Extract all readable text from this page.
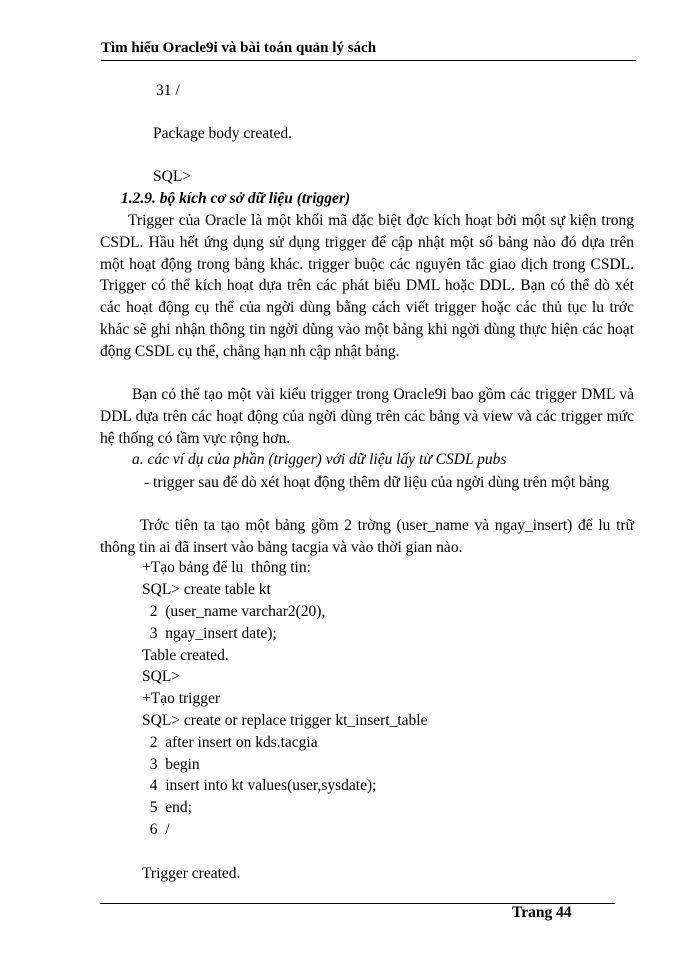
Tìm hiểu Oracle9i và bài toán quản lý sách
31 /
Package body created.
SQL>
1.2.9. bộ kích cơ sở dữ liệu (trigger)
Trigger của Oracle là một khối mã đặc biệt đợc kích hoạt bởi một sự kiện trong CSDL. Hầu hết ứng dụng sử dụng trigger để cập nhật một số bảng nào đó dựa trên một hoạt động trong bảng khác. trigger buộc các nguyên tắc giao dịch trong CSDL. Trigger có thể kích hoạt dựa trên các phát biểu DML hoặc DDL. Bạn có thể dò xét các hoạt động cụ thể của ngời dùng bằng cách viết trigger hoặc các thủ tục lu trớc khác sẽ ghi nhận thông tin ngời dùng vào một bảng khi ngời dùng thực hiện các hoạt động CSDL cụ thể, chẳng hạn nh cập nhật bảng.
Bạn có thể tạo một vài kiểu trigger trong Oracle9i bao gồm các trigger DML và DDL dựa trên các hoạt động của ngời dùng trên các bảng và view và các trigger mức hệ thống có tầm vực rộng hơn.
a. các ví dụ của phần (trigger) với dữ liệu lấy từ CSDL pubs
- trigger sau để dò xét hoạt động thêm dữ liệu của ngời dùng trên một bảng
Trớc tiên ta tạo một bảng gồm 2 trờng (user_name và ngay_insert) để lu trữ thông tin ai đã insert vào bảng tacgia và vào thời gian nào.
+Tạo bảng để lu  thông tin:
SQL> create table kt
2  (user_name varchar2(20),
3  ngay_insert date);
Table created.
SQL>
+Tạo trigger
SQL> create or replace trigger kt_insert_table
2  after insert on kds.tacgia
3  begin
4  insert into kt values(user,sysdate);
5  end;
6  /
Trigger created.
Trang 44
